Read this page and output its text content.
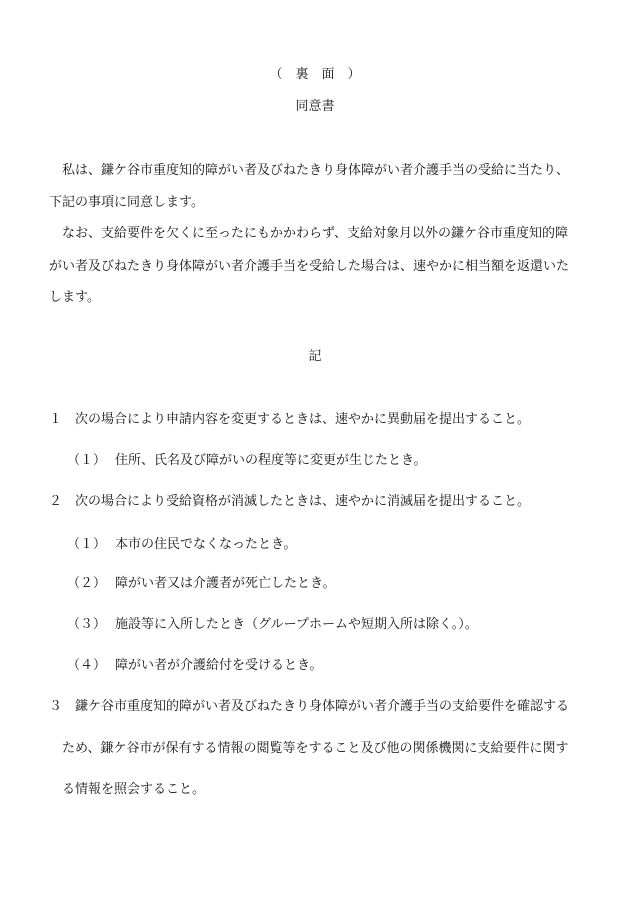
（　裏　面　）
同意書
私は、鎌ケ谷市重度知的障がい者及びねたきり身体障がい者介護手当の受給に当たり、
下記の事項に同意します。
なお、支給要件を欠くに至ったにもかかわらず、支給対象月以外の鎌ケ谷市重度知的障
がい者及びねたきり身体障がい者介護手当を受給した場合は、速やかに相当額を返還いた
します。
記
１ 次の場合により申請内容を変更するときは、速やかに異動届を提出すること。
（１） 住所、氏名及び障がいの程度等に変更が生じたとき。
２ 次の場合により受給資格が消滅したときは、速やかに消滅届を提出すること。
（１） 本市の住民でなくなったとき。
（２） 障がい者又は介護者が死亡したとき。
（３） 施設等に入所したとき（グループホームや短期入所は除く。）。
（４） 障がい者が介護給付を受けるとき。
３ 鎌ケ谷市重度知的障がい者及びねたきり身体障がい者介護手当の支給要件を確認する
ため、鎌ケ谷市が保有する情報の閲覧等をすること及び他の関係機関に支給要件に関す
る情報を照会すること。
